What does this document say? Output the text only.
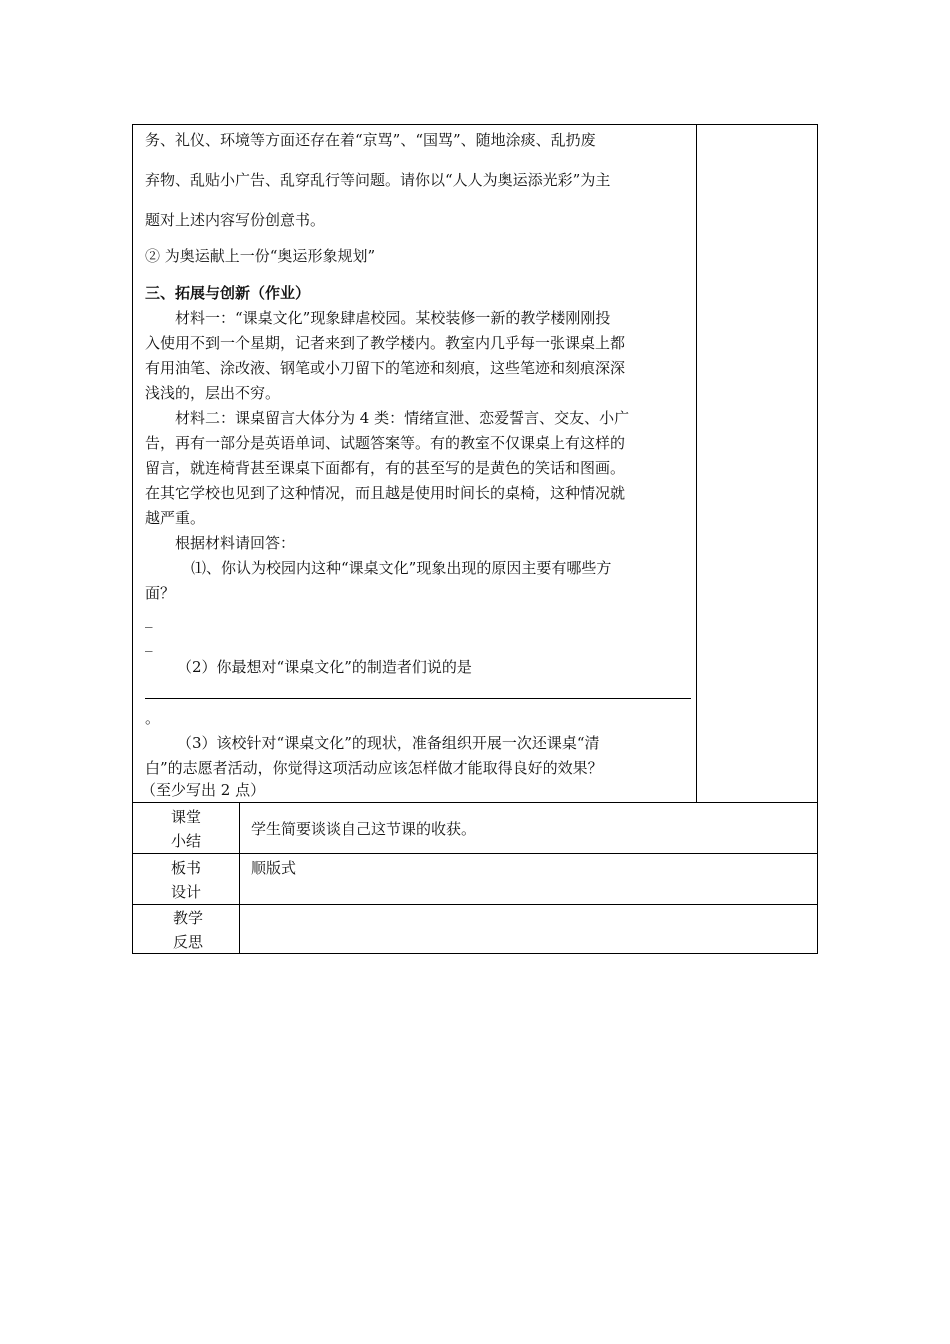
务、礼仪、环境等方面还存在着“京骂”、“国骂”、随地涂痰、乱扔废
弃物、乱贴小广告、乱穿乱行等问题。请你以“人人为奥运添光彩”为主
题对上述内容写份创意书。
② 为奥运献上一份“奥运形象规划”
三、拓展与创新（作业）
材料一：“课桌文化”现象肆虐校园。某校装修一新的教学楼刚刚投
入使用不到一个星期，记者来到了教学楼内。教室内几乎每一张课桌上都
有用油笔、涂改液、钢笔或小刀留下的笔迹和刻痕，这些笔迹和刻痕深深
浅浅的，层出不穷。
材料二：课桌留言大体分为 4 类：情绪宣泄、恋爱誓言、交友、小广
告，再有一部分是英语单词、试题答案等。有的教室不仅课桌上有这样的
留言，就连椅背甚至课桌下面都有，有的甚至写的是黄色的笑话和图画。
在其它学校也见到了这种情况，而且越是使用时间长的桌椅，这种情况就
越严重。
根据材料请回答：
⑴、你认为校园内这种“课桌文化”现象出现的原因主要有哪些方
面？
_
_
（2）你最想对“课桌文化”的制造者们说的是
。
（3）该校针对“课桌文化”的现状，准备组织开展一次还课桌“清
白”的志愿者活动，你觉得这项活动应该怎样做才能取得良好的效果？
（至少写出 2 点）
课堂
小结
学生简要谈谈自己这节课的收获。
板书
设计
顺版式
教学
反思
